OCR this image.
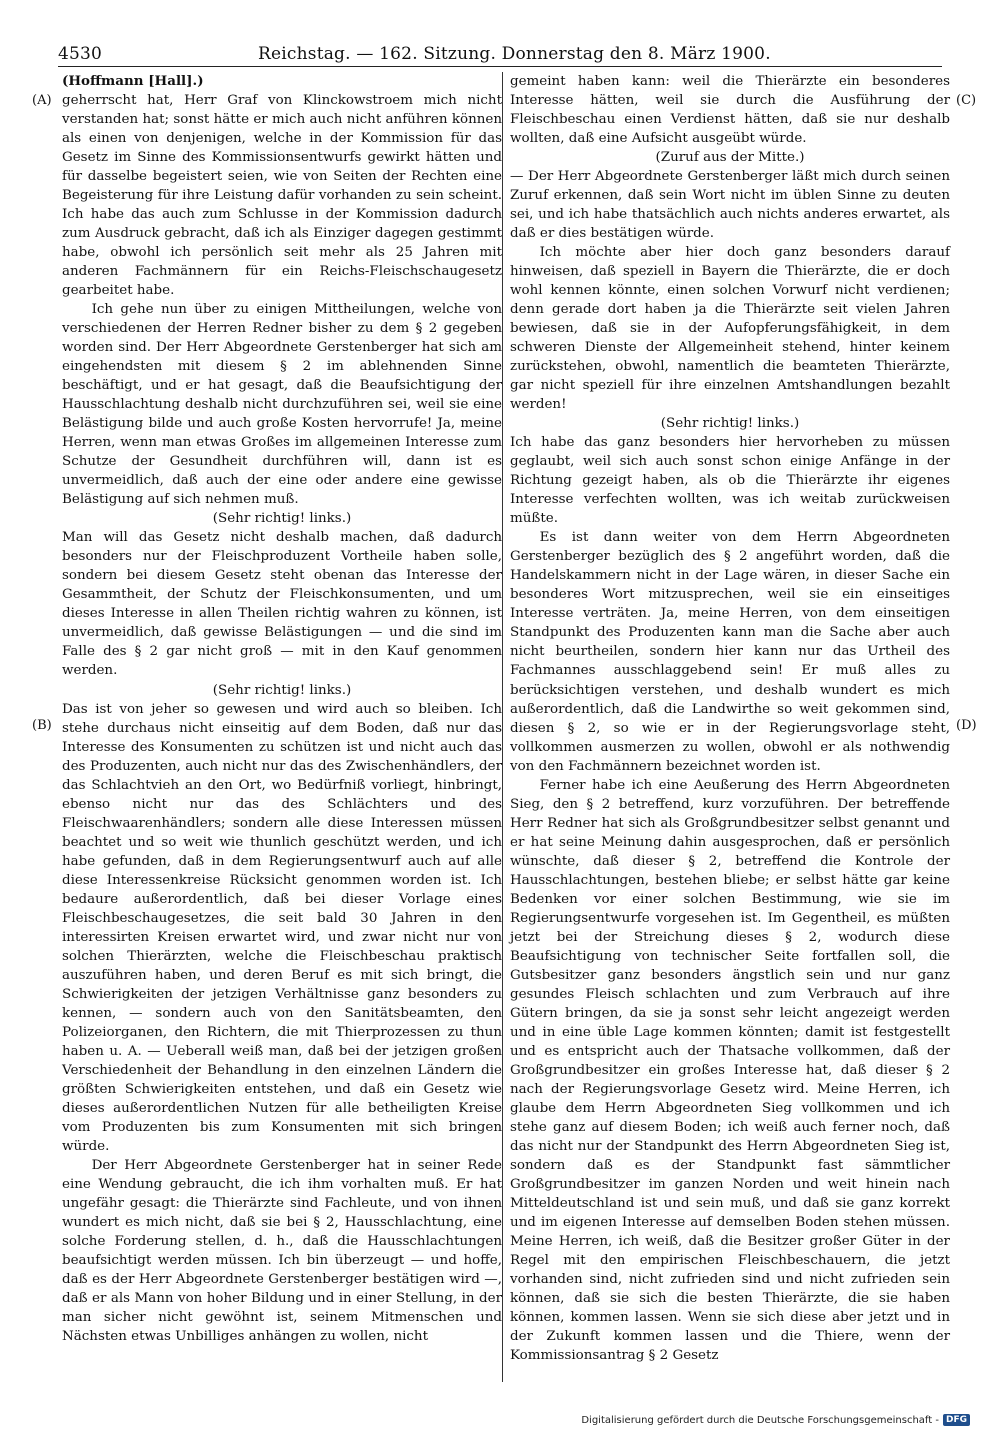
4530	Reichstag. — 162. Sitzung. Donnerstag den 8. März 1900.
(A)
(B)
(C)
(D)

(Hoffmann [Hall].)

geherrscht hat, Herr Graf von Klinckowstroem mich nicht verstanden hat; sonst hätte er mich auch nicht anführen können als einen von denjenigen, welche in der Kommission für das Gesetz im Sinne des Kommissionsentwurfs gewirkt hätten und für dasselbe begeistert seien, wie von Seiten der Rechten eine Begeisterung für ihre Leistung dafür vorhanden zu sein scheint. Ich habe das auch zum Schlusse in der Kommission dadurch zum Ausdruck gebracht, daß ich als Einziger dagegen gestimmt habe, obwohl ich persönlich seit mehr als 25 Jahren mit anderen Fachmännern für ein Reichs-Fleischschaugesetz gearbeitet habe.

Ich gehe nun über zu einigen Mittheilungen, welche von verschiedenen der Herren Redner bisher zu dem § 2 gegeben worden sind. Der Herr Abgeordnete Gerstenberger hat sich am eingehendsten mit diesem § 2 im ablehnenden Sinne beschäftigt, und er hat gesagt, daß die Beaufsichtigung der Hausschlachtung deshalb nicht durchzuführen sei, weil sie eine Belästigung bilde und auch große Kosten hervorrufe! Ja, meine Herren, wenn man etwas Großes im allgemeinen Interesse zum Schutze der Gesundheit durchführen will, dann ist es unvermeidlich, daß auch der eine oder andere eine gewisse Belästigung auf sich nehmen muß.

(Sehr richtig! links.)

Man will das Gesetz nicht deshalb machen, daß dadurch besonders nur der Fleischproduzent Vortheile haben solle, sondern bei diesem Gesetz steht obenan das Interesse der Gesammtheit, der Schutz der Fleischkonsumenten, und um dieses Interesse in allen Theilen richtig wahren zu können, ist unvermeidlich, daß gewisse Belästigungen — und die sind im Falle des § 2 gar nicht groß — mit in den Kauf genommen werden.

(Sehr richtig! links.)

Das ist von jeher so gewesen und wird auch so bleiben. Ich stehe durchaus nicht einseitig auf dem Boden, daß nur das Interesse des Konsumenten zu schützen ist und nicht auch das des Produzenten, auch nicht nur das des Zwischenhändlers, der das Schlachtvieh an den Ort, wo Bedürfniß vorliegt, hinbringt, ebenso nicht nur das des Schlächters und des Fleischwaarenhändlers; sondern alle diese Interessen müssen beachtet und so weit wie thunlich geschützt werden, und ich habe gefunden, daß in dem Regierungsentwurf auch auf alle diese Interessenkreise Rücksicht genommen worden ist. Ich bedaure außerordentlich, daß bei dieser Vorlage eines Fleischbeschaugesetzes, die seit bald 30 Jahren in den interessirten Kreisen erwartet wird, und zwar nicht nur von solchen Thierärzten, welche die Fleischbeschau praktisch auszuführen haben, und deren Beruf es mit sich bringt, die Schwierigkeiten der jetzigen Verhältnisse ganz besonders zu kennen, — sondern auch von den Sanitätsbeamten, den Polizeiorganen, den Richtern, die mit Thierprozessen zu thun haben u. A. — Ueberall weiß man, daß bei der jetzigen großen Verschiedenheit der Behandlung in den einzelnen Ländern die größten Schwierigkeiten entstehen, und daß ein Gesetz wie dieses außerordentlichen Nutzen für alle betheiligten Kreise vom Produzenten bis zum Konsumenten mit sich bringen würde.

Der Herr Abgeordnete Gerstenberger hat in seiner Rede eine Wendung gebraucht, die ich ihm vorhalten muß. Er hat ungefähr gesagt: die Thierärzte sind Fachleute, und von ihnen wundert es mich nicht, daß sie bei § 2, Hausschlachtung, eine solche Forderung stellen, d. h., daß die Hausschlachtungen beaufsichtigt werden müssen. Ich bin überzeugt — und hoffe, daß es der Herr Abgeordnete Gerstenberger bestätigen wird —, daß er als Mann von hoher Bildung und in einer Stellung, in der man sicher nicht gewöhnt ist, seinem Mitmenschen und Nächsten etwas Unbilliges anhängen zu wollen, nicht

gemeint haben kann: weil die Thierärzte ein besonderes Interesse hätten, weil sie durch die Ausführung der Fleischbeschau einen Verdienst hätten, daß sie nur deshalb wollten, daß eine Aufsicht ausgeübt würde.

(Zuruf aus der Mitte.)

— Der Herr Abgeordnete Gerstenberger läßt mich durch seinen Zuruf erkennen, daß sein Wort nicht im üblen Sinne zu deuten sei, und ich habe thatsächlich auch nichts anderes erwartet, als daß er dies bestätigen würde.

Ich möchte aber hier doch ganz besonders darauf hinweisen, daß speziell in Bayern die Thierärzte, die er doch wohl kennen könnte, einen solchen Vorwurf nicht verdienen; denn gerade dort haben ja die Thierärzte seit vielen Jahren bewiesen, daß sie in der Aufopferungsfähigkeit, in dem schweren Dienste der Allgemeinheit stehend, hinter keinem zurückstehen, obwohl, namentlich die beamteten Thierärzte, gar nicht speziell für ihre einzelnen Amtshandlungen bezahlt werden!

(Sehr richtig! links.)

Ich habe das ganz besonders hier hervorheben zu müssen geglaubt, weil sich auch sonst schon einige Anfänge in der Richtung gezeigt haben, als ob die Thierärzte ihr eigenes Interesse verfechten wollten, was ich weitab zurückweisen müßte.

Es ist dann weiter von dem Herrn Abgeordneten Gerstenberger bezüglich des § 2 angeführt worden, daß die Handelskammern nicht in der Lage wären, in dieser Sache ein besonderes Wort mitzusprechen, weil sie ein einseitiges Interesse verträten. Ja, meine Herren, von dem einseitigen Standpunkt des Produzenten kann man die Sache aber auch nicht beurtheilen, sondern hier kann nur das Urtheil des Fachmannes ausschlaggebend sein! Er muß alles zu berücksichtigen verstehen, und deshalb wundert es mich außerordentlich, daß die Landwirthe so weit gekommen sind, diesen § 2, so wie er in der Regierungsvorlage steht, vollkommen ausmerzen zu wollen, obwohl er als nothwendig von den Fachmännern bezeichnet worden ist.

Ferner habe ich eine Aeußerung des Herrn Abgeordneten Sieg, den § 2 betreffend, kurz vorzuführen. Der betreffende Herr Redner hat sich als Großgrundbesitzer selbst genannt und er hat seine Meinung dahin ausgesprochen, daß er persönlich wünschte, daß dieser § 2, betreffend die Kontrole der Hausschlachtungen, bestehen bliebe; er selbst hätte gar keine Bedenken vor einer solchen Bestimmung, wie sie im Regierungsentwurfe vorgesehen ist. Im Gegentheil, es müßten jetzt bei der Streichung dieses § 2, wodurch diese Beaufsichtigung von technischer Seite fortfallen soll, die Gutsbesitzer ganz besonders ängstlich sein und nur ganz gesundes Fleisch schlachten und zum Verbrauch auf ihre Gütern bringen, da sie ja sonst sehr leicht angezeigt werden und in eine üble Lage kommen könnten; damit ist festgestellt und es entspricht auch der Thatsache vollkommen, daß der Großgrundbesitzer ein großes Interesse hat, daß dieser § 2 nach der Regierungsvorlage Gesetz wird. Meine Herren, ich glaube dem Herrn Abgeordneten Sieg vollkommen und ich stehe ganz auf diesem Boden; ich weiß auch ferner noch, daß das nicht nur der Standpunkt des Herrn Abgeordneten Sieg ist, sondern daß es der Standpunkt fast sämmtlicher Großgrundbesitzer im ganzen Norden und weit hinein nach Mitteldeutschland ist und sein muß, und daß sie ganz korrekt und im eigenen Interesse auf demselben Boden stehen müssen. Meine Herren, ich weiß, daß die Besitzer großer Güter in der Regel mit den empirischen Fleischbeschauern, die jetzt vorhanden sind, nicht zufrieden sind und nicht zufrieden sein können, daß sie sich die besten Thierärzte, die sie haben können, kommen lassen. Wenn sie sich diese aber jetzt und in der Zukunft kommen lassen und die Thiere, wenn der Kommissionsantrag § 2 Gesetz

Digitalisierung gefördert durch die Deutsche Forschungsgemeinschaft - DFG
